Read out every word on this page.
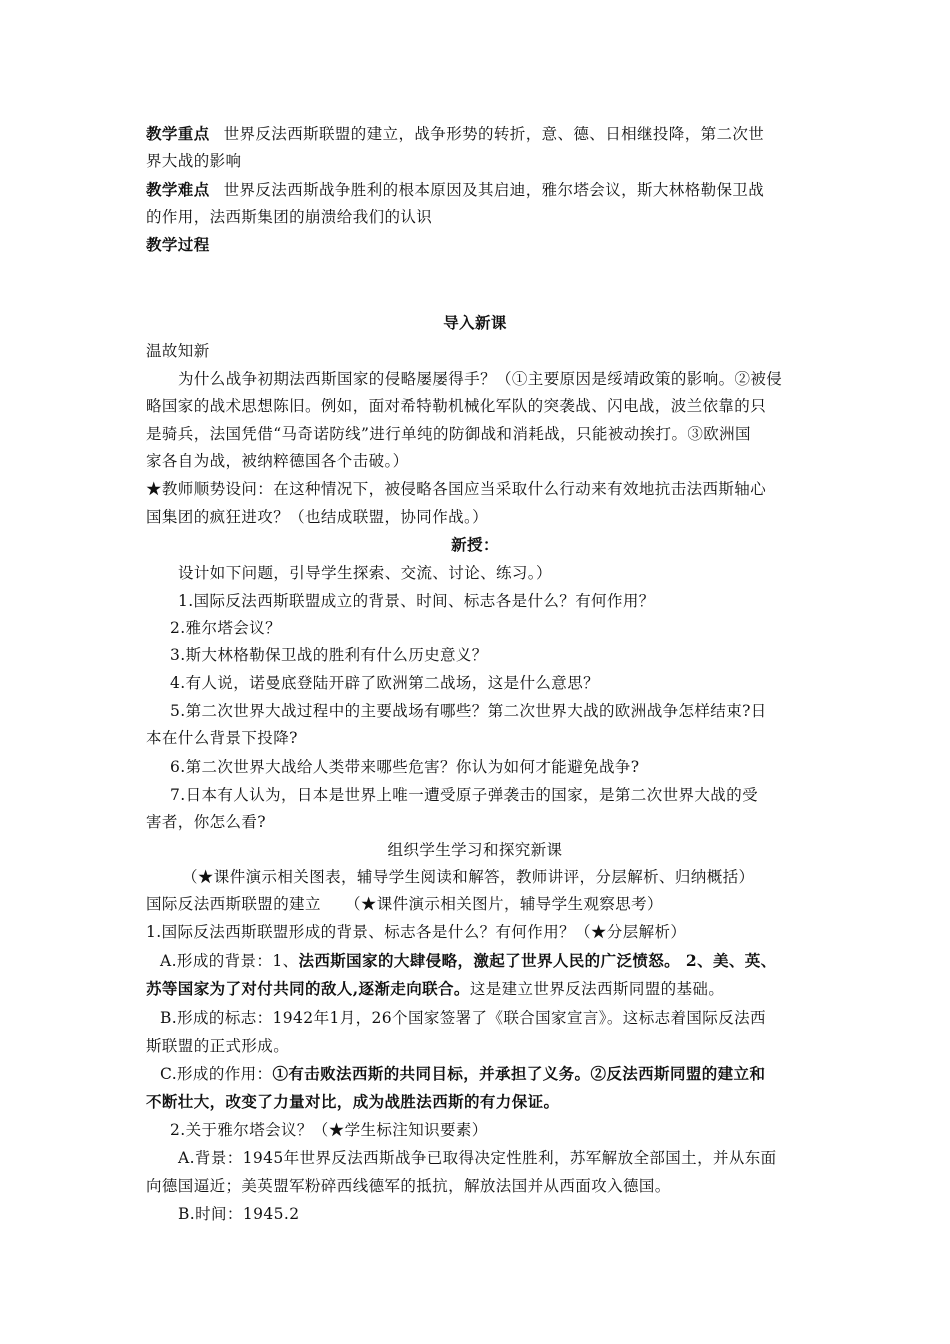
教学重点 世界反法西斯联盟的建立，战争形势的转折，意、德、日相继投降，第二次世
界大战的影响
教学难点 世界反法西斯战争胜利的根本原因及其启迪，雅尔塔会议，斯大林格勒保卫战
的作用，法西斯集团的崩溃给我们的认识
教学过程
导入新课
温故知新
为什么战争初期法西斯国家的侵略屡屡得手？（①主要原因是绥靖政策的影响。②被侵
略国家的战术思想陈旧。例如，面对希特勒机械化军队的突袭战、闪电战，波兰依靠的只
是骑兵，法国凭借“马奇诺防线”进行单纯的防御战和消耗战，只能被动挨打。③欧洲国
家各自为战，被纳粹德国各个击破。）
★教师顺势设问：在这种情况下，被侵略各国应当采取什么行动来有效地抗击法西斯轴心
国集团的疯狂进攻？（也结成联盟，协同作战。）
新授：
设计如下问题，引导学生探索、交流、讨论、练习。）
1.国际反法西斯联盟成立的背景、时间、标志各是什么？有何作用？
2.雅尔塔会议？
3.斯大林格勒保卫战的胜利有什么历史意义？
4.有人说，诺曼底登陆开辟了欧洲第二战场，这是什么意思？
5.第二次世界大战过程中的主要战场有哪些？第二次世界大战的欧洲战争怎样结束?日
本在什么背景下投降?
6.第二次世界大战给人类带来哪些危害？你认为如何才能避免战争?
7.日本有人认为，日本是世界上唯一遭受原子弹袭击的国家，是第二次世界大战的受
害者，你怎么看?
组织学生学习和探究新课
（★课件演示相关图表，辅导学生阅读和解答，教师讲评，分层解析、归纳概括）
国际反法西斯联盟的建立　　（★课件演示相关图片，辅导学生观察思考）
1.国际反法西斯联盟形成的背景、标志各是什么？有何作用？（★分层解析）
A.形成的背景：1、法西斯国家的大肆侵略，激起了世界人民的广泛愤怒。 2、美、英、
苏等国家为了对付共同的敌人,逐渐走向联合。这是建立世界反法西斯同盟的基础。
B.形成的标志：1942年1月，26个国家签署了《联合国家宣言》。这标志着国际反法西
斯联盟的正式形成。
C.形成的作用：①有击败法西斯的共同目标，并承担了义务。②反法西斯同盟的建立和
不断壮大，改变了力量对比，成为战胜法西斯的有力保证。
2.关于雅尔塔会议？（★学生标注知识要素）
A.背景：1945年世界反法西斯战争已取得决定性胜利，苏军解放全部国土，并从东面
向德国逼近；美英盟军粉碎西线德军的抵抗，解放法国并从西面攻入德国。
B.时间：1945.2
